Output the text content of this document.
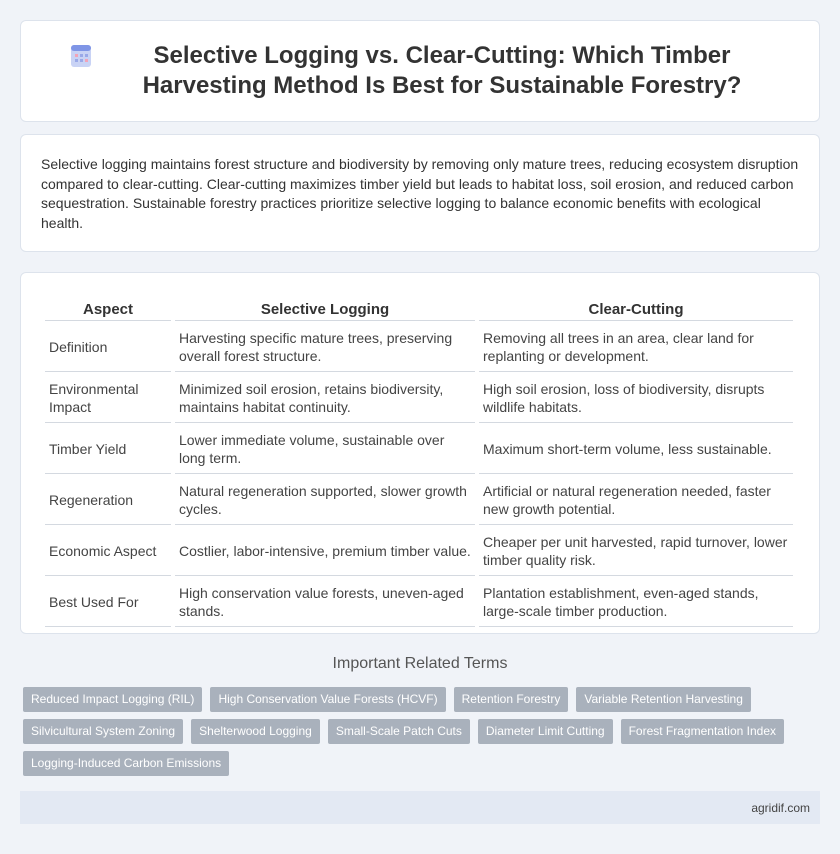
Selective Logging vs. Clear-Cutting: Which Timber Harvesting Method Is Best for Sustainable Forestry?

Selective logging maintains forest structure and biodiversity by removing only mature trees, reducing ecosystem disruption compared to clear-cutting. Clear-cutting maximizes timber yield but leads to habitat loss, soil erosion, and reduced carbon sequestration. Sustainable forestry practices prioritize selective logging to balance economic benefits with ecological health.

Aspect	Selective Logging	Clear-Cutting
Definition	Harvesting specific mature trees, preserving overall forest structure.	Removing all trees in an area, clear land for replanting or development.
Environmental Impact	Minimized soil erosion, retains biodiversity, maintains habitat continuity.	High soil erosion, loss of biodiversity, disrupts wildlife habitats.
Timber Yield	Lower immediate volume, sustainable over long term.	Maximum short-term volume, less sustainable.
Regeneration	Natural regeneration supported, slower growth cycles.	Artificial or natural regeneration needed, faster new growth potential.
Economic Aspect	Costlier, labor-intensive, premium timber value.	Cheaper per unit harvested, rapid turnover, lower timber quality risk.
Best Used For	High conservation value forests, uneven-aged stands.	Plantation establishment, even-aged stands, large-scale timber production.
Important Related Terms
Reduced Impact Logging (RIL)	High Conservation Value Forests (HCVF)	Retention Forestry	Variable Retention Harvesting
Silvicultural System Zoning	Shelterwood Logging	Small-Scale Patch Cuts	Diameter Limit Cutting	Forest Fragmentation Index
Logging-Induced Carbon Emissions
agridif.com
